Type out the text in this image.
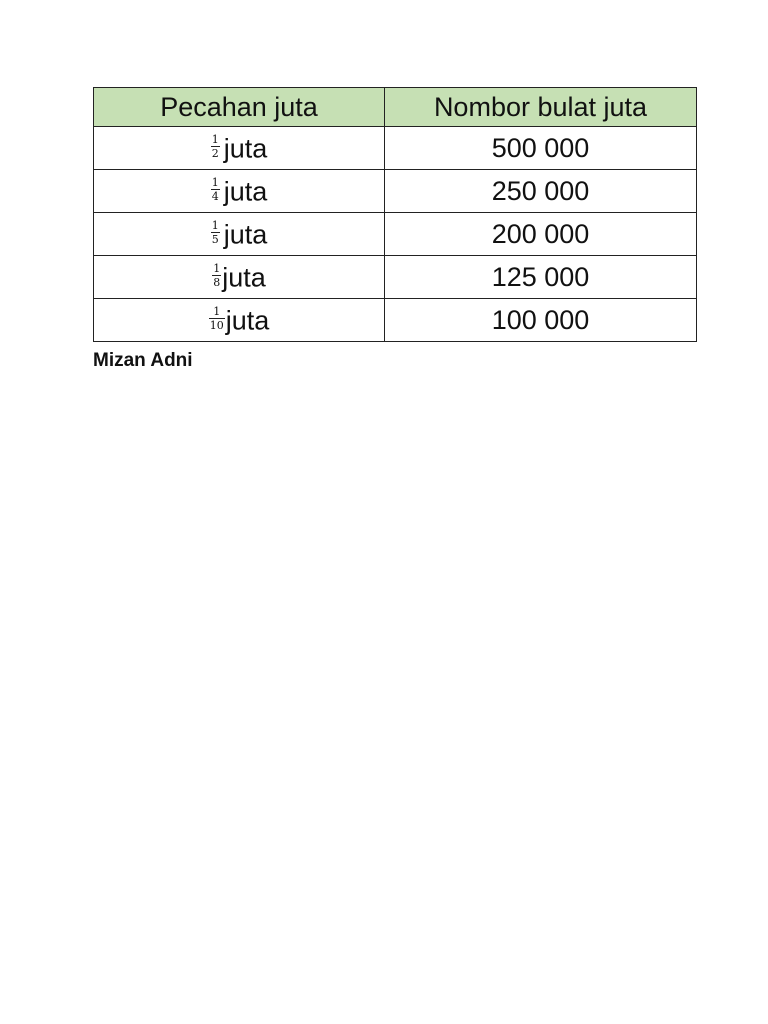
Pecahan juta	Nombor bulat juta

$\frac{1}{2}$ juta	500 000

$\frac{1}{4}$ juta	250 000

$\frac{1}{5}$ juta	200 000

$\frac{1}{8}$ juta	125 000

$\frac{1}{10}$ juta	100 000
Mizan Adni
